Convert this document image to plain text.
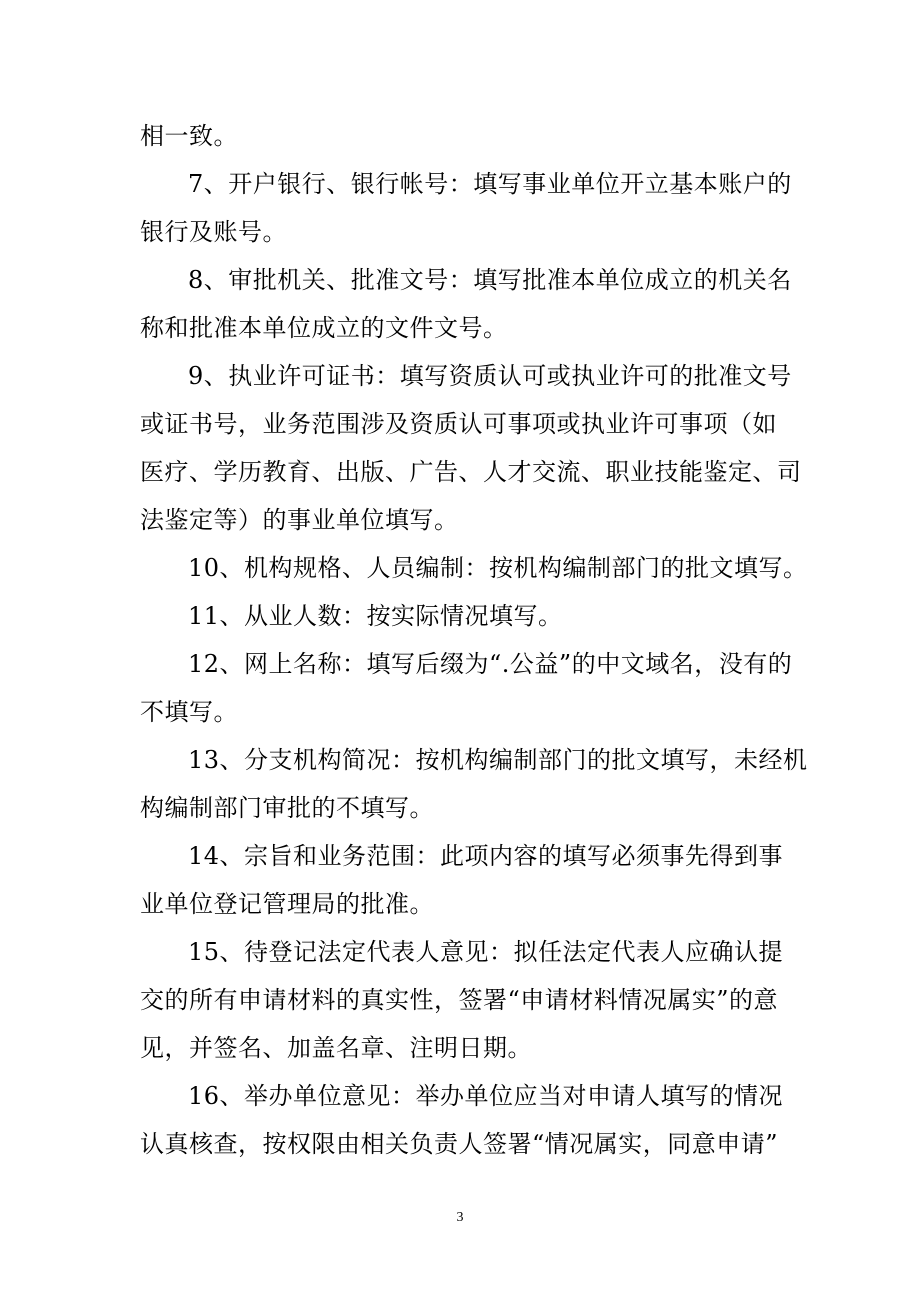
相一致。
7、开户银行、银行帐号：填写事业单位开立基本账户的
银行及账号。
8、审批机关、批准文号：填写批准本单位成立的机关名
称和批准本单位成立的文件文号。
9、执业许可证书：填写资质认可或执业许可的批准文号
或证书号，业务范围涉及资质认可事项或执业许可事项（如
医疗、学历教育、出版、广告、人才交流、职业技能鉴定、司
法鉴定等）的事业单位填写。
10、机构规格、人员编制：按机构编制部门的批文填写。
11、从业人数：按实际情况填写。
12、网上名称：填写后缀为“.公益”的中文域名，没有的
不填写。
13、分支机构简况：按机构编制部门的批文填写，未经机
构编制部门审批的不填写。
14、宗旨和业务范围：此项内容的填写必须事先得到事
业单位登记管理局的批准。
15、待登记法定代表人意见：拟任法定代表人应确认提
交的所有申请材料的真实性，签署“申请材料情况属实”的意
见，并签名、加盖名章、注明日期。
16、举办单位意见：举办单位应当对申请人填写的情况
认真核查，按权限由相关负责人签署“情况属实，同意申请”
3
